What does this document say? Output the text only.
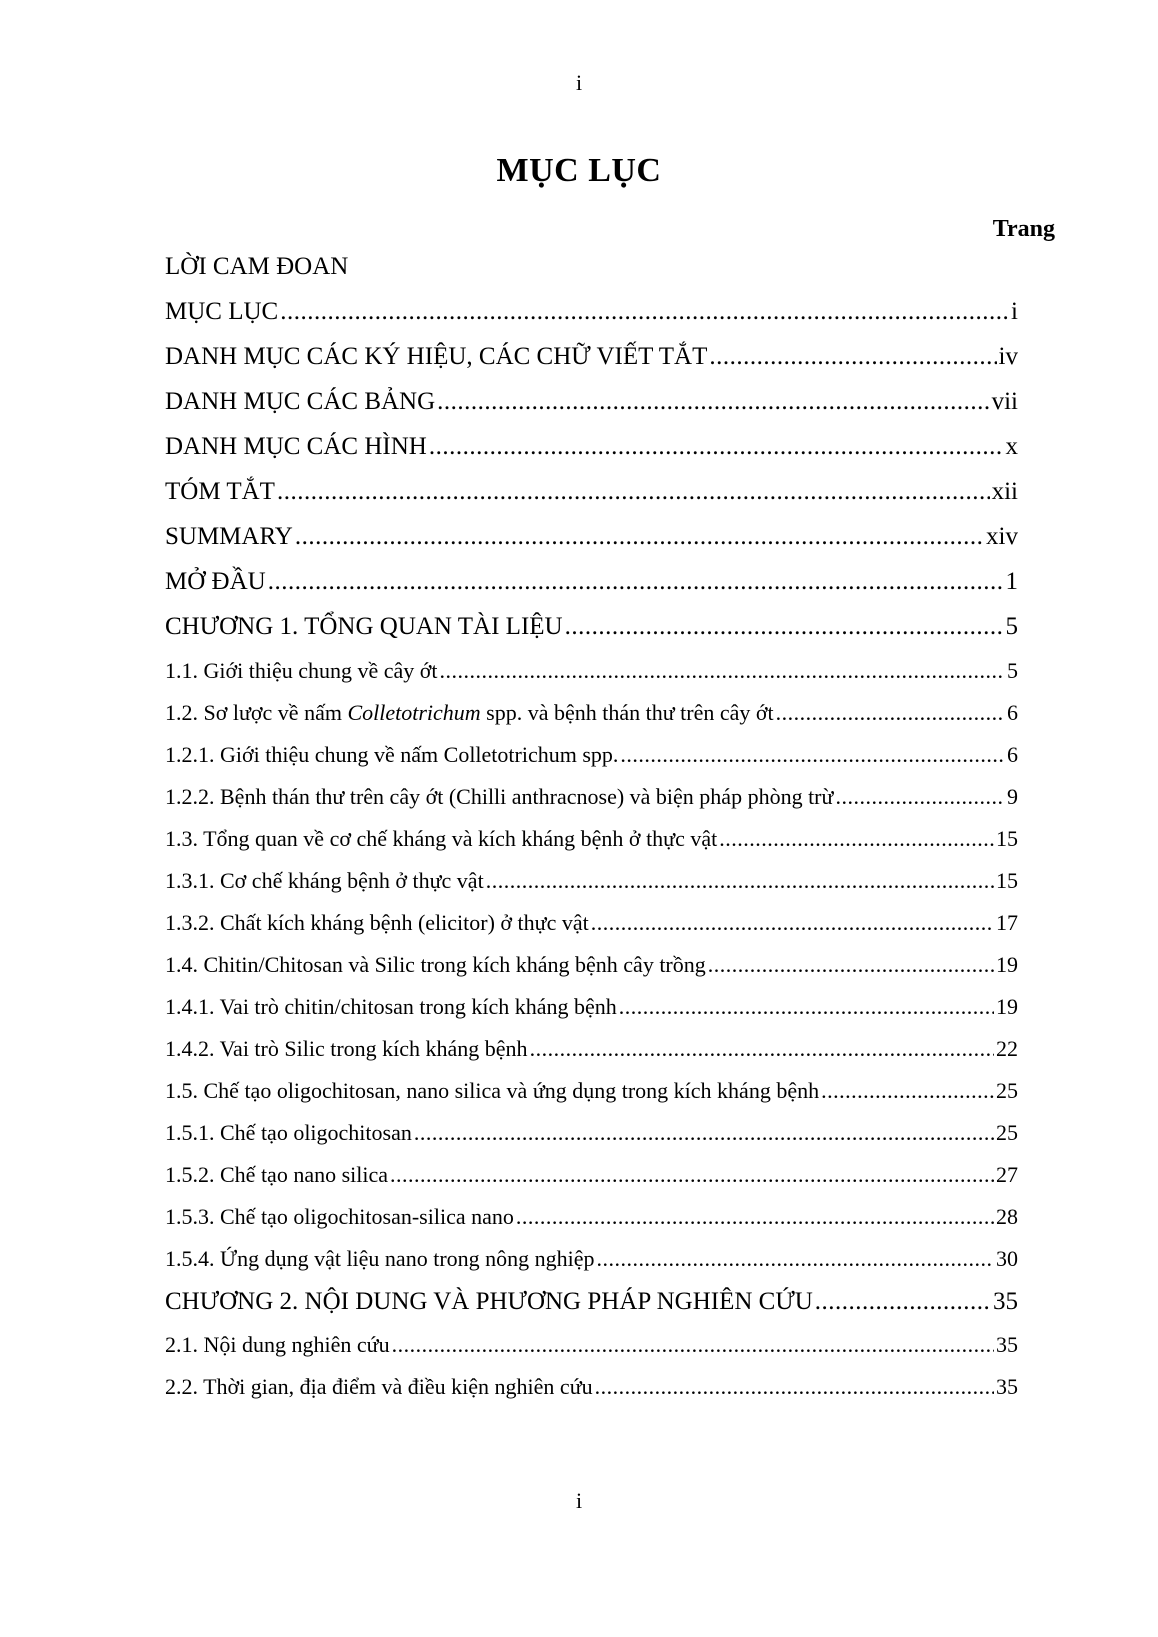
i
MỤC LỤC
Trang
LỜI CAM ĐOAN
MỤC LỤC .....	i
DANH MỤC CÁC KÝ HIỆU, CÁC CHỮ VIẾT TẮT .....	iv
DANH MỤC CÁC BẢNG .....	vii
DANH MỤC CÁC HÌNH .....	x
TÓM TẮT .....	xii
SUMMARY .....	xiv
MỞ ĐẦU .....	1
CHƯƠNG 1. TỔNG QUAN TÀI LIỆU .....	5
1.1. Giới thiệu chung về cây ớt .....	5
1.2. Sơ lược về nấm Colletotrichum spp. và bệnh thán thư trên cây ớt .....	6
1.2.1. Giới thiệu chung về nấm Colletotrichum spp. .....	6
1.2.2. Bệnh thán thư trên cây ớt (Chilli anthracnose) và biện pháp phòng trừ .....	9
1.3. Tổng quan về cơ chế kháng và kích kháng bệnh ở thực vật .....	15
1.3.1. Cơ chế kháng bệnh ở thực vật .....	15
1.3.2. Chất kích kháng bệnh (elicitor) ở thực vật .....	17
1.4. Chitin/Chitosan và Silic trong kích kháng bệnh cây trồng .....	19
1.4.1. Vai trò chitin/chitosan trong kích kháng bệnh .....	19
1.4.2. Vai trò Silic trong kích kháng bệnh .....	22
1.5. Chế tạo oligochitosan, nano silica và ứng dụng trong kích kháng bệnh .....	25
1.5.1. Chế tạo oligochitosan .....	25
1.5.2. Chế tạo nano silica .....	27
1.5.3. Chế tạo oligochitosan-silica nano .....	28
1.5.4. Ứng dụng vật liệu nano trong nông nghiệp .....	30
CHƯƠNG 2. NỘI DUNG VÀ PHƯƠNG PHÁP NGHIÊN CỨU .....	35
2.1. Nội dung nghiên cứu .....	35
2.2. Thời gian, địa điểm và điều kiện nghiên cứu .....	35
i
